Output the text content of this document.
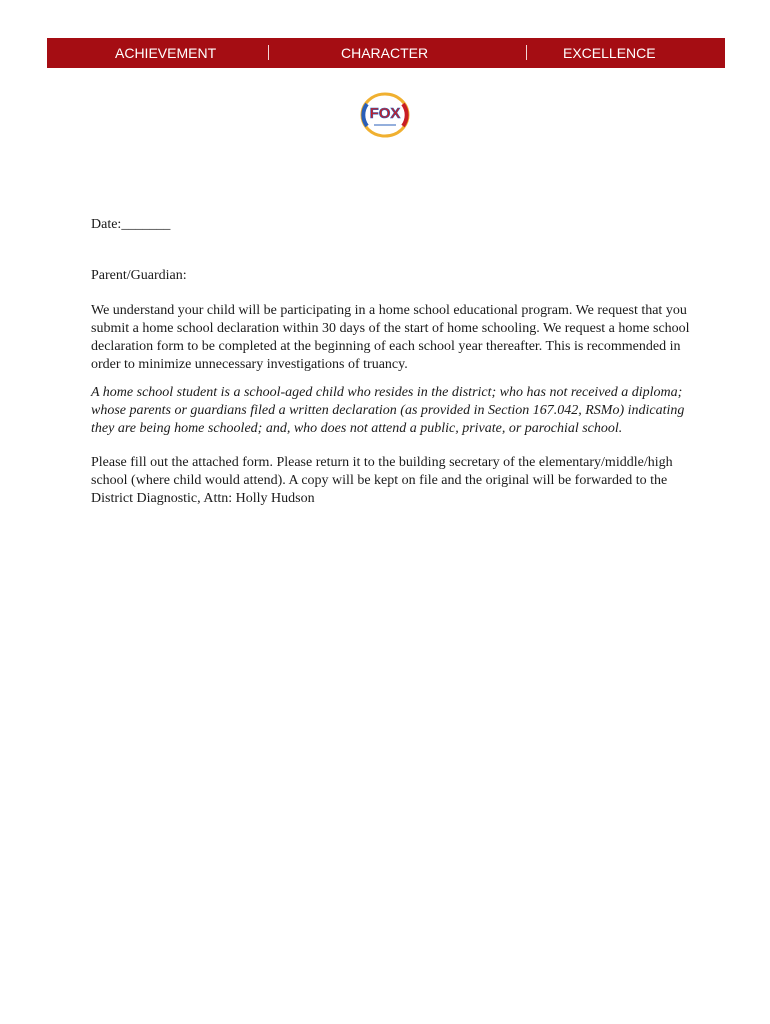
ACHIEVEMENT	CHARACTER	EXCELLENCE
FOX

Date:_______

Parent/Guardian:

We understand your child will be participating in a home school educational program. We request that you submit a home school declaration within 30 days of the start of home schooling. We request a home school declaration form to be completed at the beginning of each school year thereafter. This is recommended in order to minimize unnecessary investigations of truancy.

A home school student is a school-aged child who resides in the district; who has not received a diploma; whose parents or guardians filed a written declaration (as provided in Section 167.042, RSMo) indicating they are being home schooled; and, who does not attend a public, private, or parochial school.

Please fill out the attached form. Please return it to the building secretary of the elementary/middle/high school (where child would attend). A copy will be kept on file and the original will be forwarded to the District Diagnostic, Attn: Holly Hudson
